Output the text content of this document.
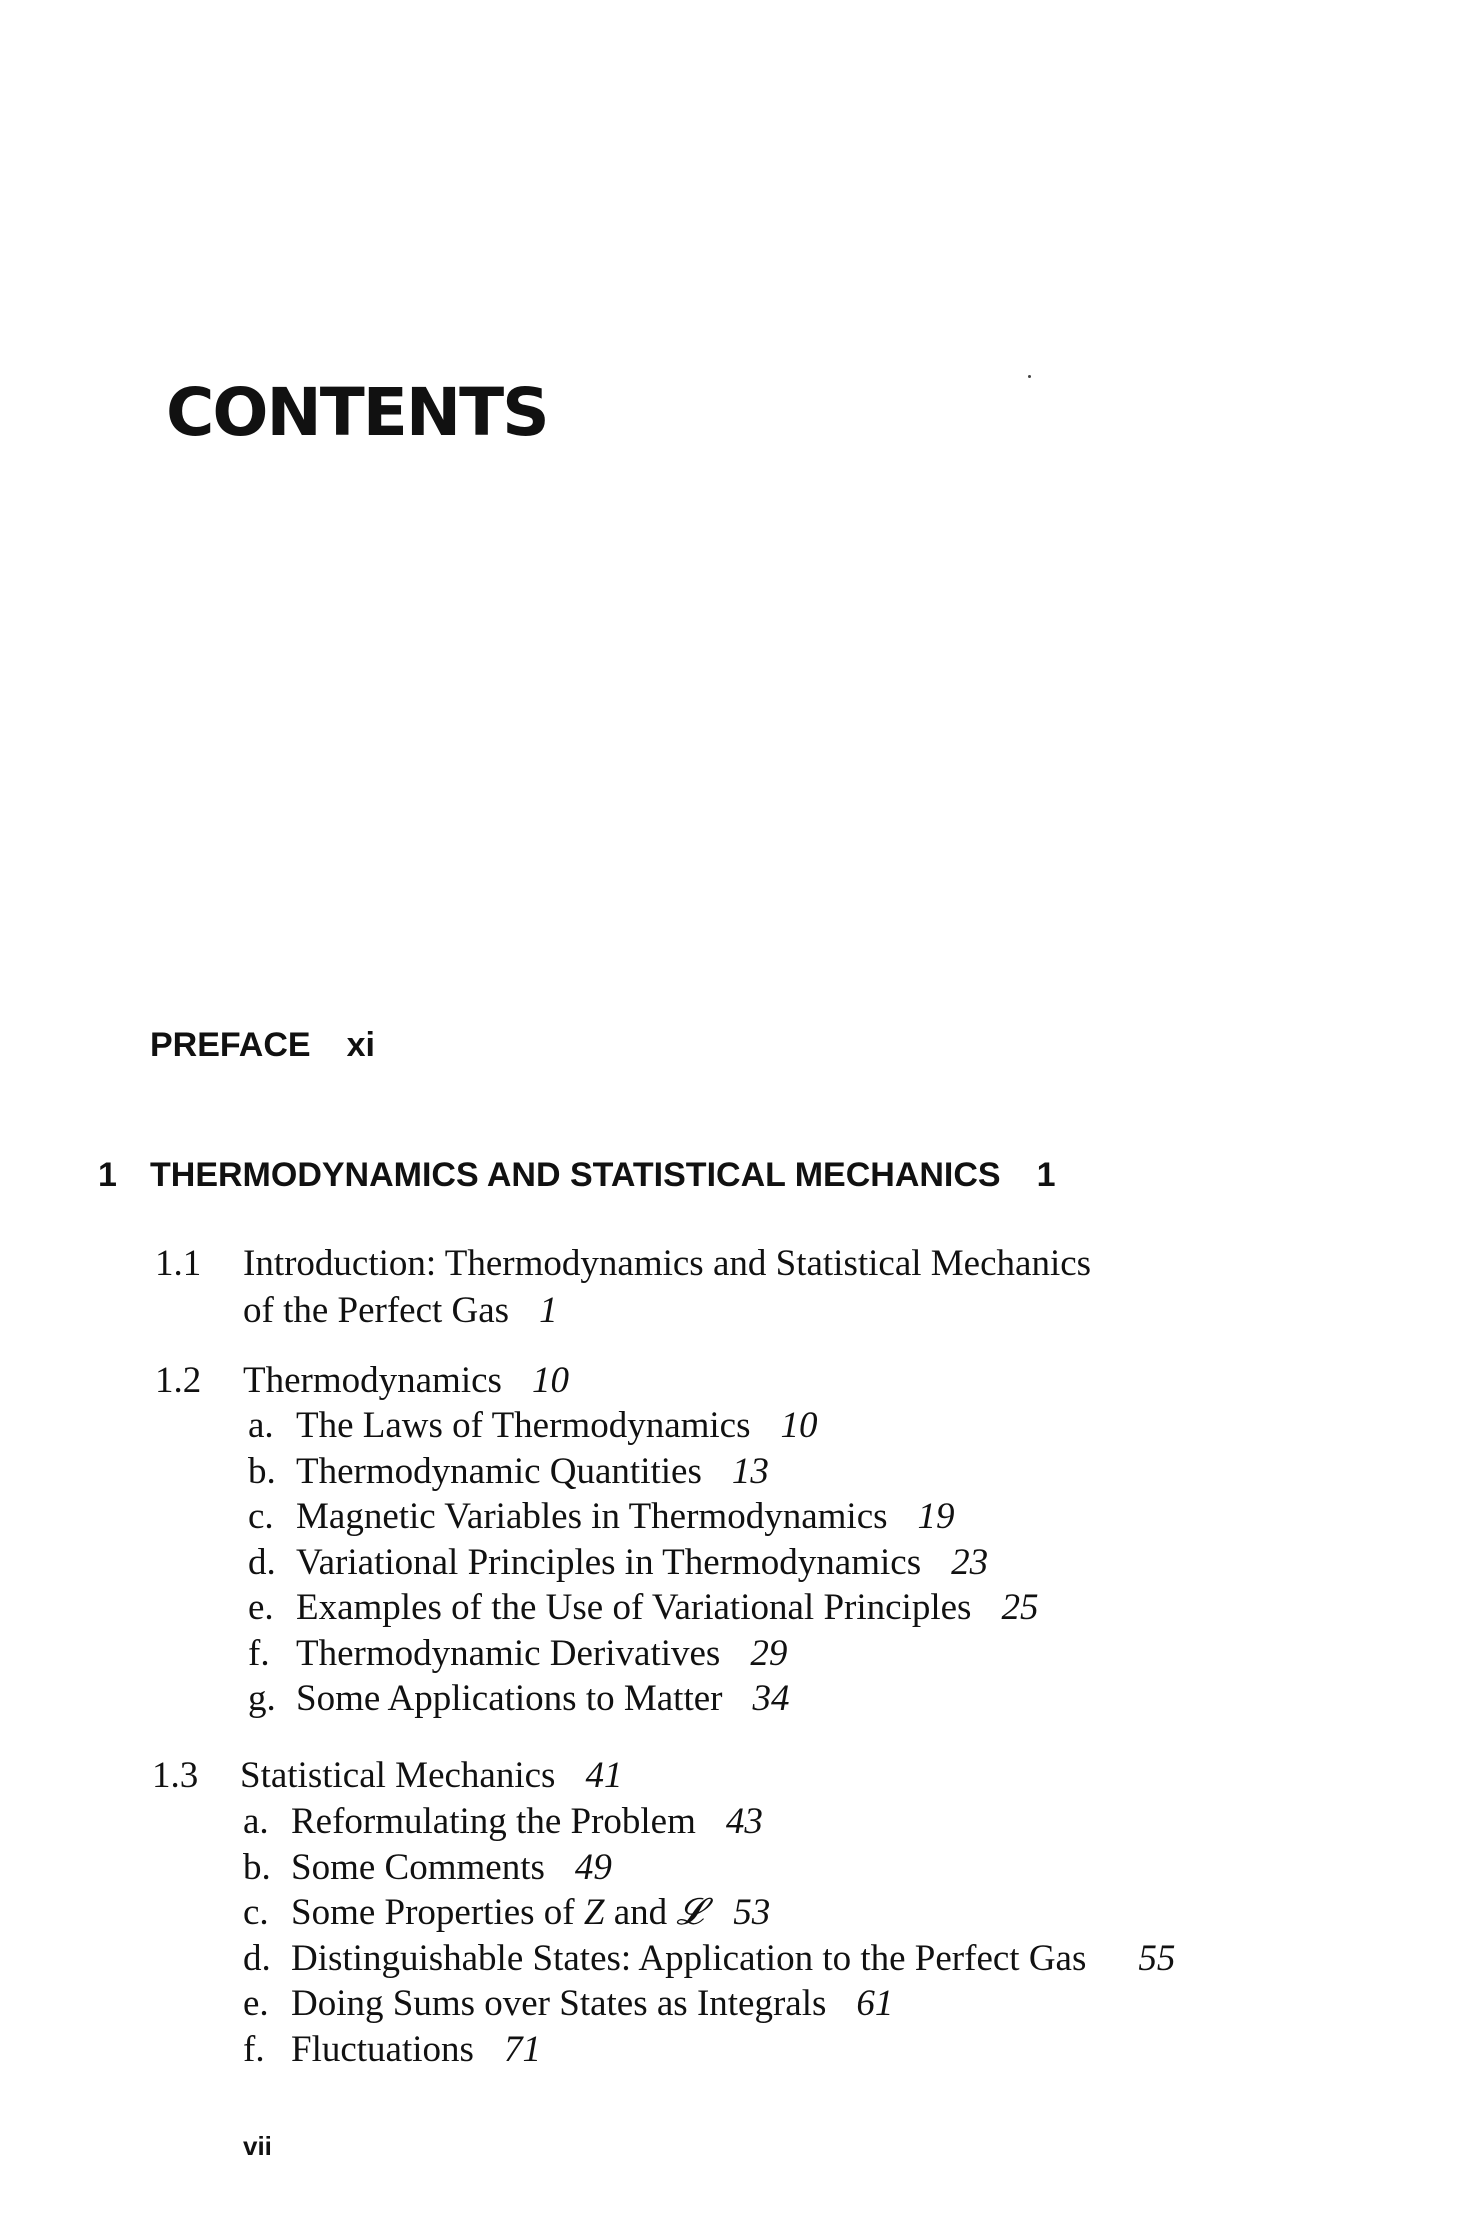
CONTENTS
PREFACE xi
1 THERMODYNAMICS AND STATISTICAL MECHANICS 1
1.1 Introduction: Thermodynamics and Statistical Mechanics
of the Perfect Gas 1
1.2 Thermodynamics 10
a. The Laws of Thermodynamics 10
b. Thermodynamic Quantities 13
c. Magnetic Variables in Thermodynamics 19
d. Variational Principles in Thermodynamics 23
e. Examples of the Use of Variational Principles 25
f. Thermodynamic Derivatives 29
g. Some Applications to Matter 34
1.3 Statistical Mechanics 41
a. Reformulating the Problem 43
b. Some Comments 49
c. Some Properties of Z and 𝓛 53
d. Distinguishable States: Application to the Perfect Gas 55
e. Doing Sums over States as Integrals 61
f. Fluctuations 71
vii
